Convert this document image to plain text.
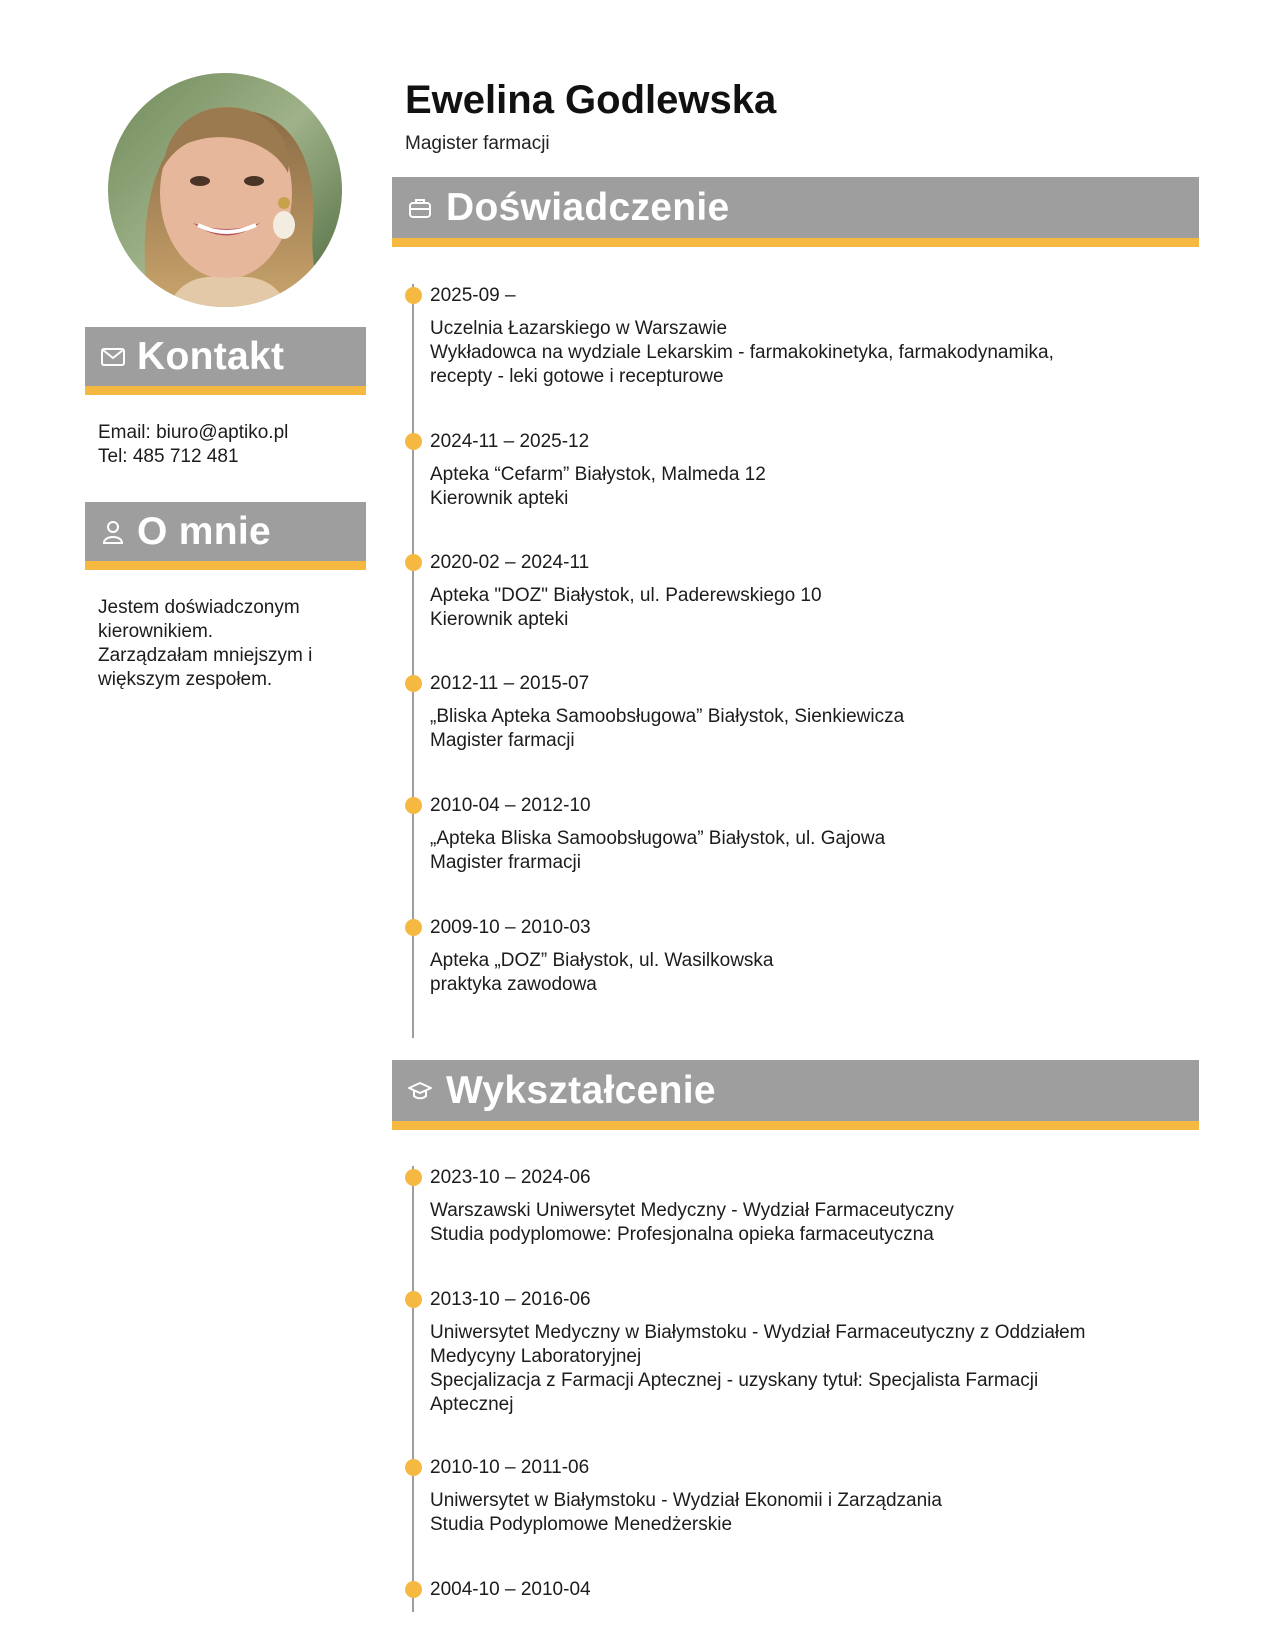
Kontakt
Email: biuro@aptiko.pl
Tel: 485 712 481
O mnie
Jestem doświadczonym
kierownikiem.
Zarządzałam mniejszym i
większym zespołem.
Ewelina Godlewska
Magister farmacji
Doświadczenie
2025-09 –
Uczelnia Łazarskiego w Warszawie
Wykładowca na wydziale Lekarskim - farmakokinetyka, farmakodynamika,
recepty - leki gotowe i recepturowe
2024-11 – 2025-12
Apteka “Cefarm” Białystok, Malmeda 12
Kierownik apteki
2020-02 – 2024-11
Apteka "DOZ" Białystok, ul. Paderewskiego 10
Kierownik apteki
2012-11 – 2015-07
„Bliska Apteka Samoobsługowa” Białystok, Sienkiewicza
Magister farmacji
2010-04 – 2012-10
„Apteka Bliska Samoobsługowa” Białystok, ul. Gajowa
Magister frarmacji
2009-10 – 2010-03
Apteka „DOZ” Białystok, ul. Wasilkowska
praktyka zawodowa
Wykształcenie
2023-10 – 2024-06
Warszawski Uniwersytet Medyczny - Wydział Farmaceutyczny
Studia podyplomowe: Profesjonalna opieka farmaceutyczna
2013-10 – 2016-06
Uniwersytet Medyczny w Białymstoku - Wydział Farmaceutyczny z Oddziałem
Medycyny Laboratoryjnej
Specjalizacja z Farmacji Aptecznej - uzyskany tytuł: Specjalista Farmacji
Aptecznej
2010-10 – 2011-06
Uniwersytet w Białymstoku - Wydział Ekonomii i Zarządzania
Studia Podyplomowe Menedżerskie
2004-10 – 2010-04
